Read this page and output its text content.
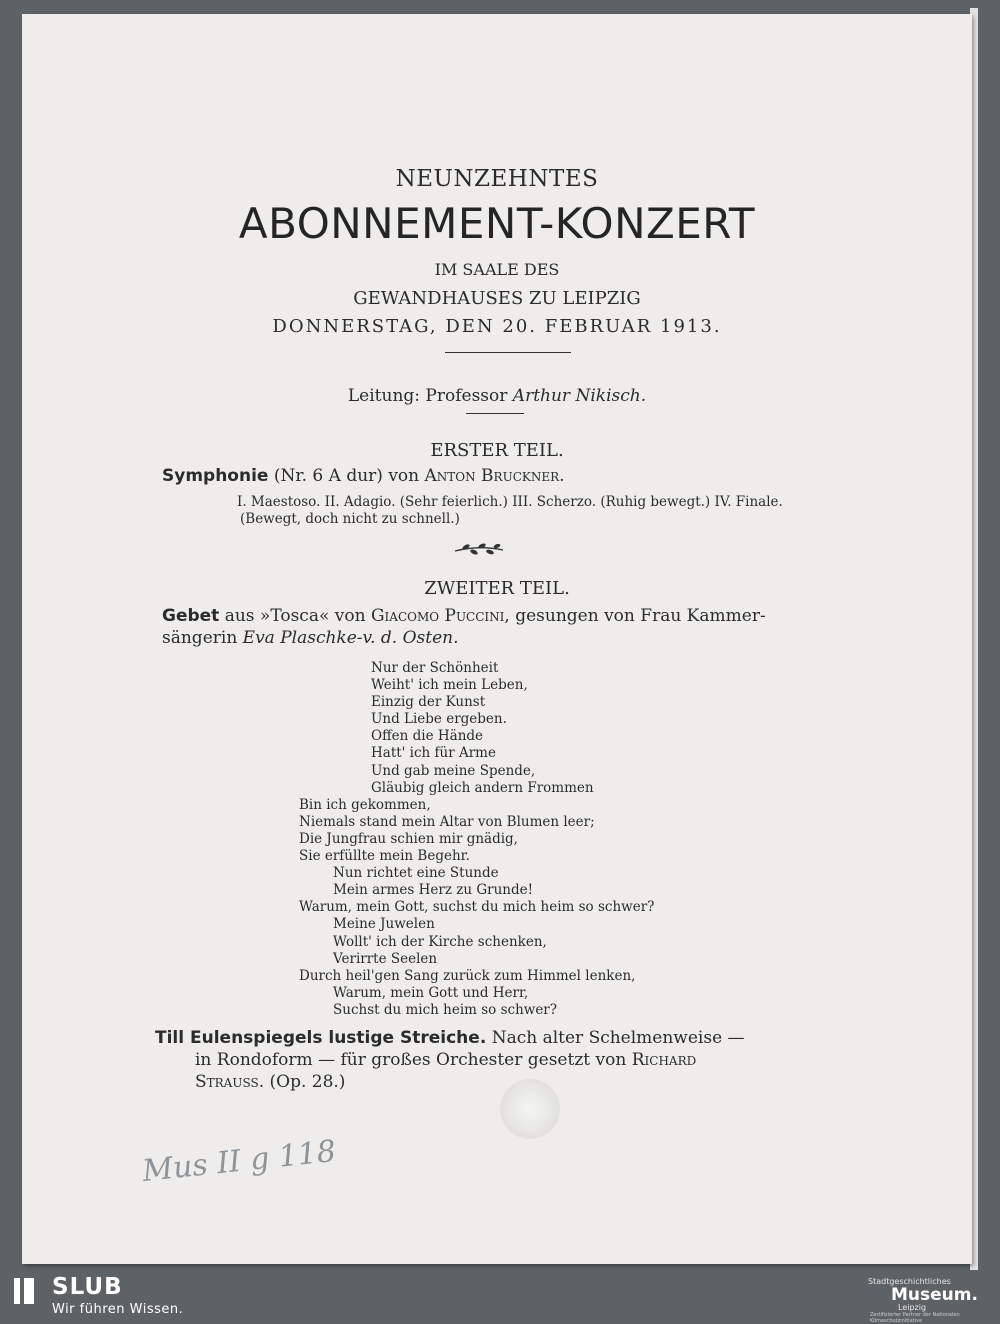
NEUNZEHNTES
ABONNEMENT-KONZERT
IM SAALE DES
GEWANDHAUSES ZU LEIPZIG
DONNERSTAG, DEN 20. FEBRUAR 1913.
Leitung: Professor Arthur Nikisch.
ERSTER TEIL.
Symphonie (Nr. 6 A dur) von Anton Bruckner.
I. Maestoso. II. Adagio. (Sehr feierlich.) III. Scherzo. (Ruhig bewegt.) IV. Finale.
(Bewegt, doch nicht zu schnell.)
ZWEITER TEIL.
Gebet aus »Tosca« von Giacomo Puccini, gesungen von Frau Kammer-
sängerin Eva Plaschke-v. d. Osten.
Nur der Schönheit
Weiht' ich mein Leben,
Einzig der Kunst
Und Liebe ergeben.
Offen die Hände
Hatt' ich für Arme
Und gab meine Spende,
Gläubig gleich andern Frommen
Bin ich gekommen,
Niemals stand mein Altar von Blumen leer;
Die Jungfrau schien mir gnädig,
Sie erfüllte mein Begehr.
Nun richtet eine Stunde
Mein armes Herz zu Grunde!
Warum, mein Gott, suchst du mich heim so schwer?
Meine Juwelen
Wollt' ich der Kirche schenken,
Verirrte Seelen
Durch heil'gen Sang zurück zum Himmel lenken,
Warum, mein Gott und Herr,
Suchst du mich heim so schwer?
Till Eulenspiegels lustige Streiche. Nach alter Schelmenweise —
in Rondoform — für großes Orchester gesetzt von Richard
Strauss. (Op. 28.)
Mus II g 118
SLUB
Wir führen Wissen.
Stadtgeschichtliches
Museum.
Leipzig
Zertifizierter Partner der Nationalen Klimaschutzinitiative
